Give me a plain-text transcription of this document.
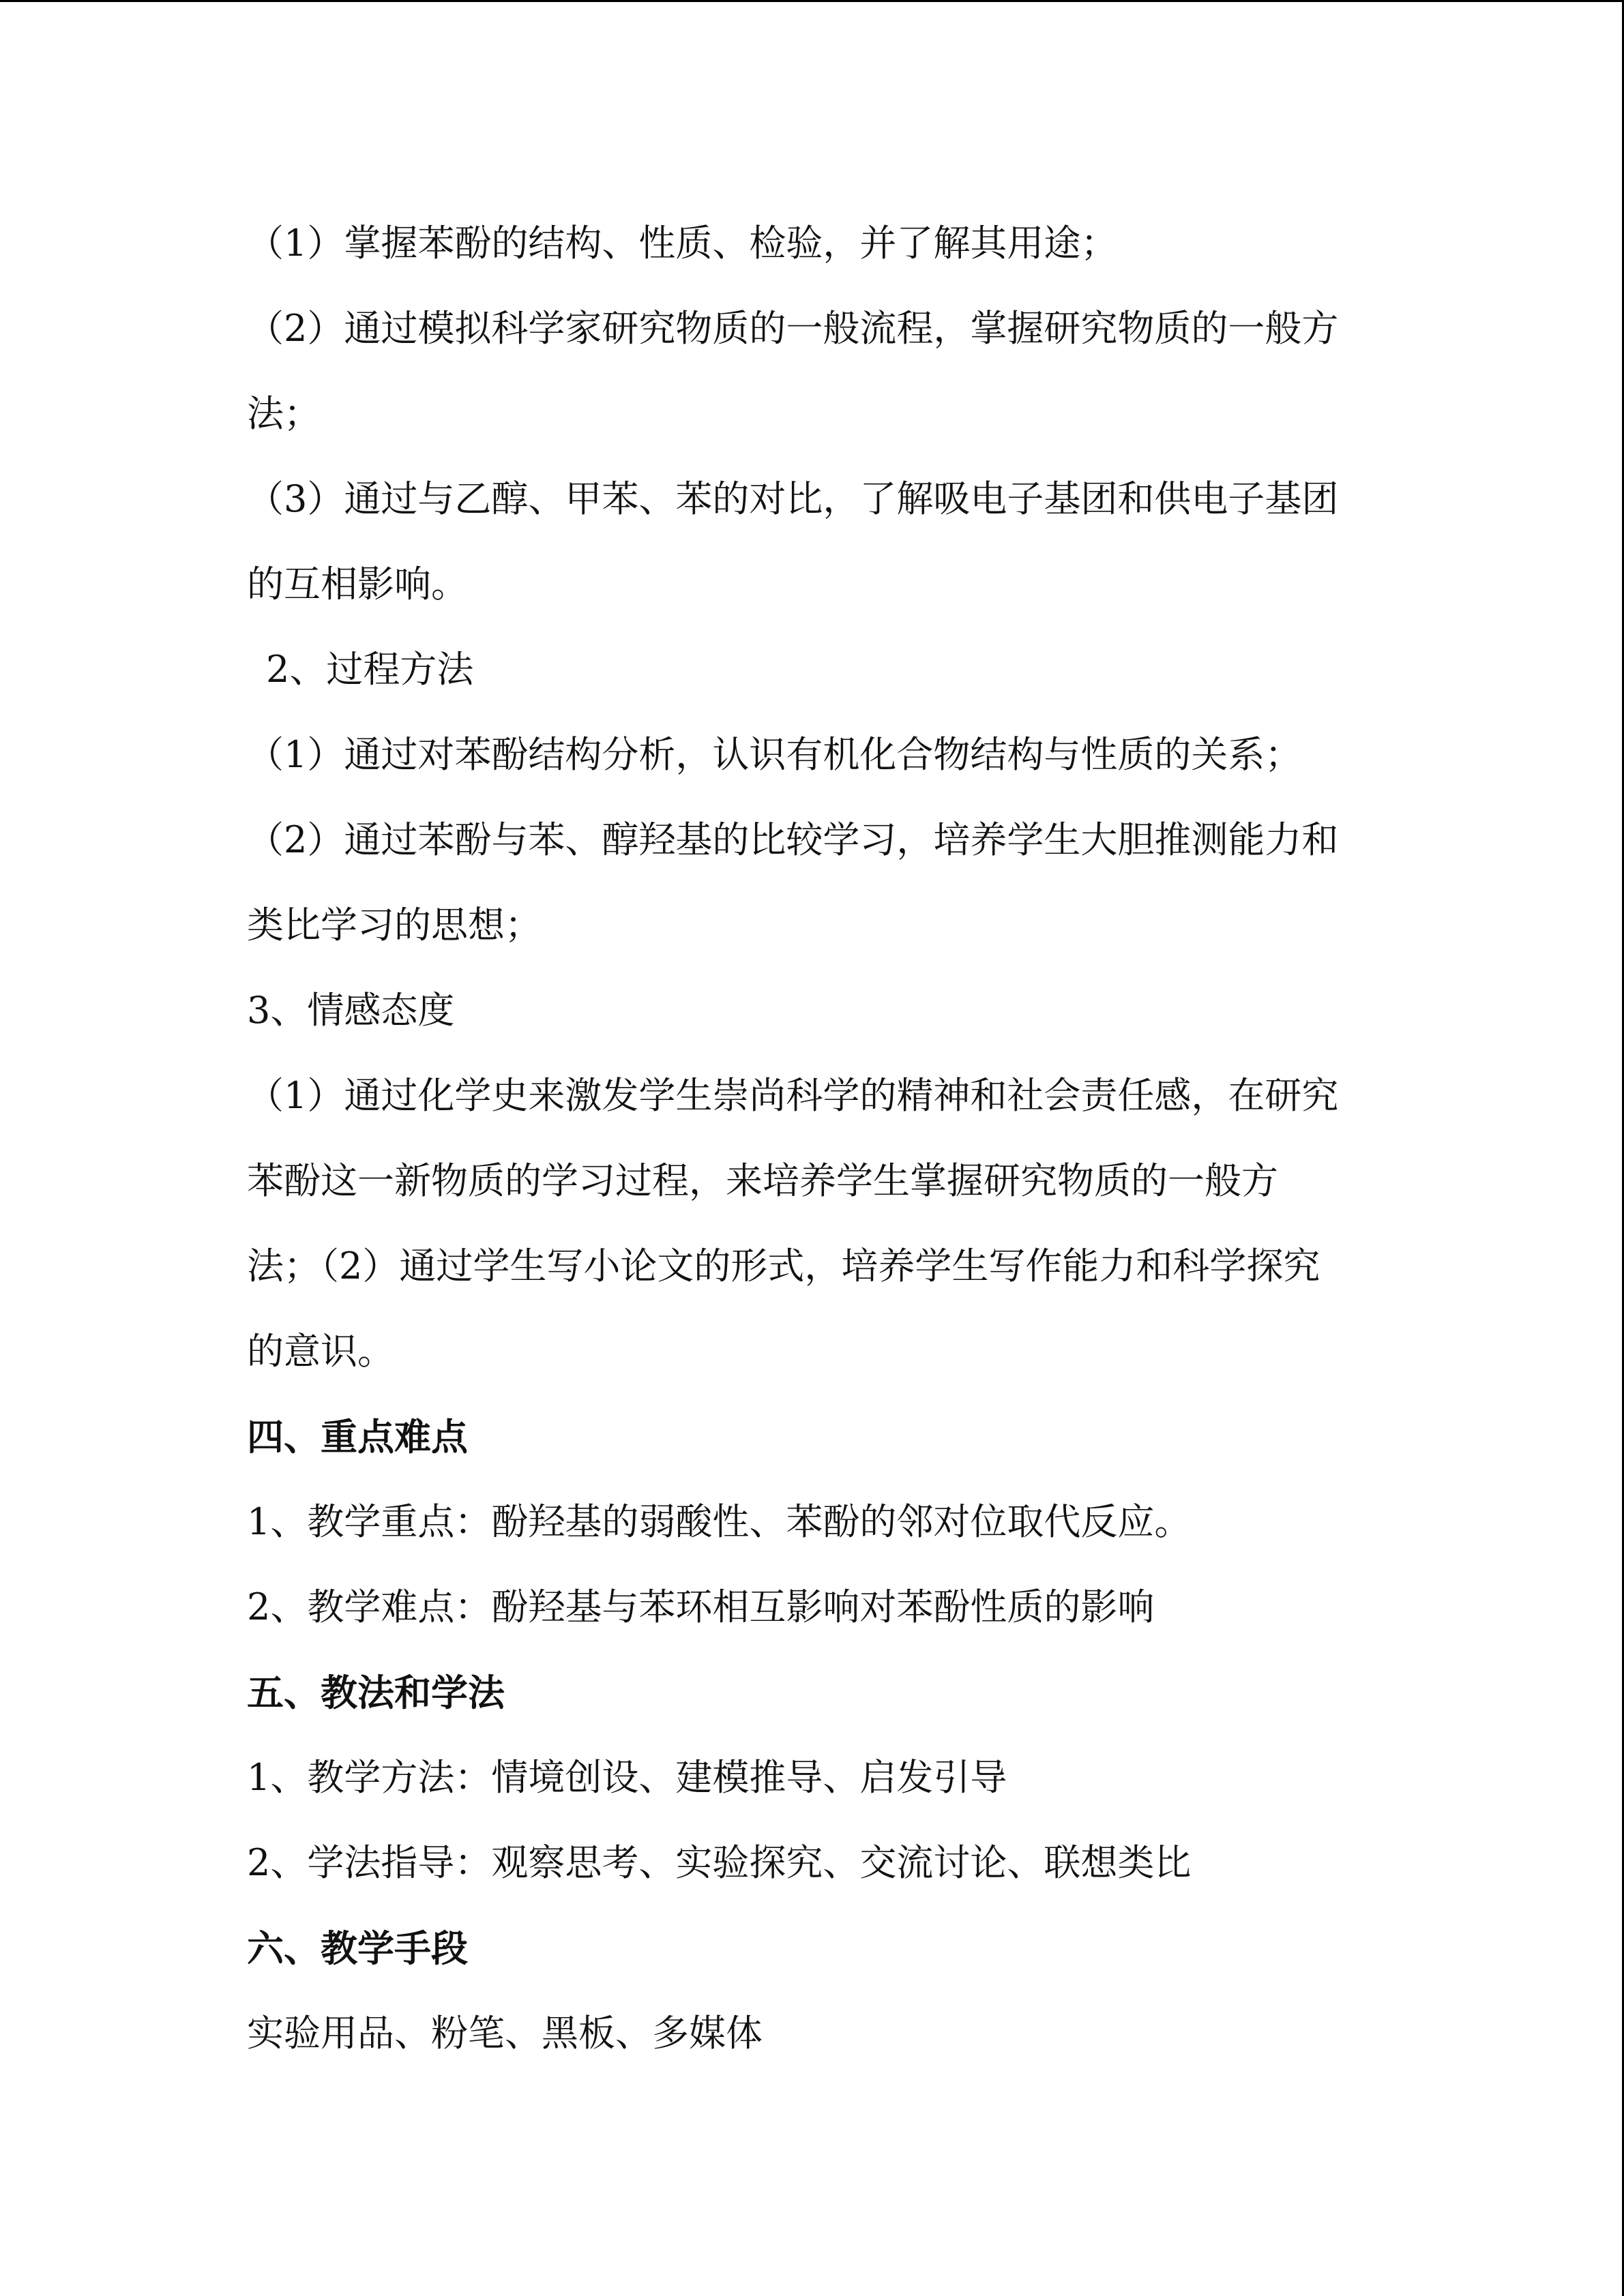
（1）掌握苯酚的结构、性质、检验，并了解其用途；
（2）通过模拟科学家研究物质的一般流程，掌握研究物质的一般方
法；
（3）通过与乙醇、甲苯、苯的对比，了解吸电子基团和供电子基团
的互相影响。
2、过程方法
（1）通过对苯酚结构分析，认识有机化合物结构与性质的关系；
（2）通过苯酚与苯、醇羟基的比较学习，培养学生大胆推测能力和
类比学习的思想；
3、情感态度
（1）通过化学史来激发学生崇尚科学的精神和社会责任感，在研究
苯酚这一新物质的学习过程，来培养学生掌握研究物质的一般方
法；（2）通过学生写小论文的形式，培养学生写作能力和科学探究
的意识。
四、重点难点
1、教学重点：酚羟基的弱酸性、苯酚的邻对位取代反应。
2、教学难点：酚羟基与苯环相互影响对苯酚性质的影响
五、教法和学法
1、教学方法：情境创设、建模推导、启发引导
2、学法指导：观察思考、实验探究、交流讨论、联想类比
六、教学手段
实验用品、粉笔、黑板、多媒体
